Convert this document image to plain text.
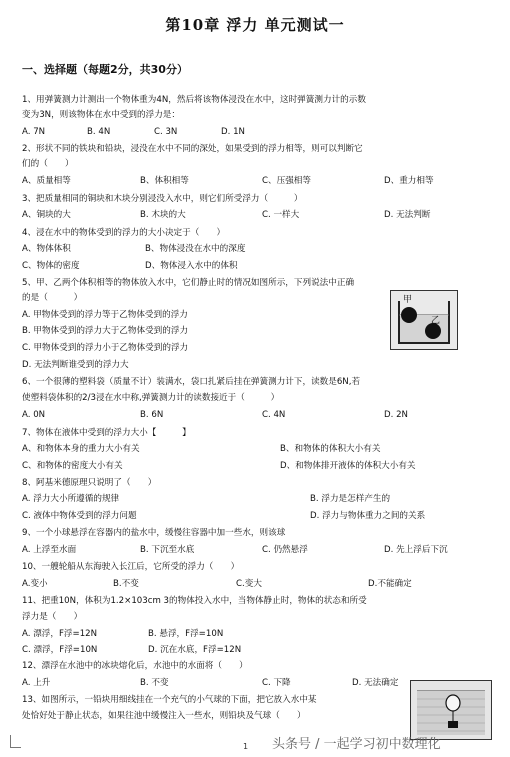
第10章 浮力 单元测试一
一、选择题（每题2分，共30分）
1、用弹簧测力计测出一个物体重为4N，然后将该物体浸没在水中，这时弹簧测力计的示数
变为3N，则该物体在水中受到的浮力是：
A. 7N	B. 4N	C. 3N	D. 1N
2、形状不同的铁块和铅块，浸没在水中不同的深处，如果受到的浮力相等，则可以判断它
们的（　　）
A、质量相等	B、体积相等	C、压强相等	D、重力相等
3、把质量相同的铜块和木块分别浸没入水中，则它们所受浮力（　　　）
A、铜块的大	B. 木块的大	C. 一样大	D. 无法判断
4、浸在水中的物体受到的浮力的大小决定于（　　）
A、物体体积	B、物体浸没在水中的深度
C、物体的密度	D、物体浸入水中的体积
5、甲、乙两个体积相等的物体放入水中，它们静止时的情况如图所示，下列说法中正确
的是（　　　）
A. 甲物体受到的浮力等于乙物体受到的浮力
B. 甲物体受到的浮力大于乙物体受到的浮力
C. 甲物体受到的浮力小于乙物体受到的浮力
D. 无法判断谁受到的浮力大
甲
乙
6、一个很薄的塑料袋（质量不计）装满水，袋口扎紧后挂在弹簧测力计下，读数是6N,若
使塑料袋体积的2/3浸在水中称,弹簧测力计的读数接近于（　　　）
A. 0N	B. 6N	C. 4N	D. 2N
7、物体在液体中受到的浮力大小【　　　】
A、和物体本身的重力大小有关	B、和物体的体积大小有关
C、和物体的密度大小有关	D、和物体排开液体的体积大小有关
8、阿基米德原理只说明了（　　）
A. 浮力大小所遵循的规律	B. 浮力是怎样产生的
C. 液体中物体受到的浮力问题	D. 浮力与物体重力之间的关系
9、一个小球悬浮在容器内的盐水中，缓慢往容器中加一些水，则该球
A. 上浮至水面	B. 下沉至水底	C. 仍然悬浮	D. 先上浮后下沉
10、一艘轮船从东海驶入长江后，它所受的浮力（　　）
A.变小	B.不变	C.变大	D.不能确定
11、把重10N，体积为1.2×103cm 3的物体投入水中，当物体静止时，物体的状态和所受
浮力是（　　）
A. 漂浮，F浮=12N	B. 悬浮，F浮=10N
C. 漂浮，F浮=10N	D. 沉在水底，F浮=12N
12、漂浮在水池中的冰块熔化后，水池中的水面将（　　）
A. 上升	B. 不变	C. 下降	D. 无法确定
13、如图所示，一铅块用细线挂在一个充气的小气球的下面，把它放入水中某
处恰好处于静止状态，如果往池中缓慢注入一些水，则铅块及气球（　　）
1 头条号 / 一起学习初中数理化
